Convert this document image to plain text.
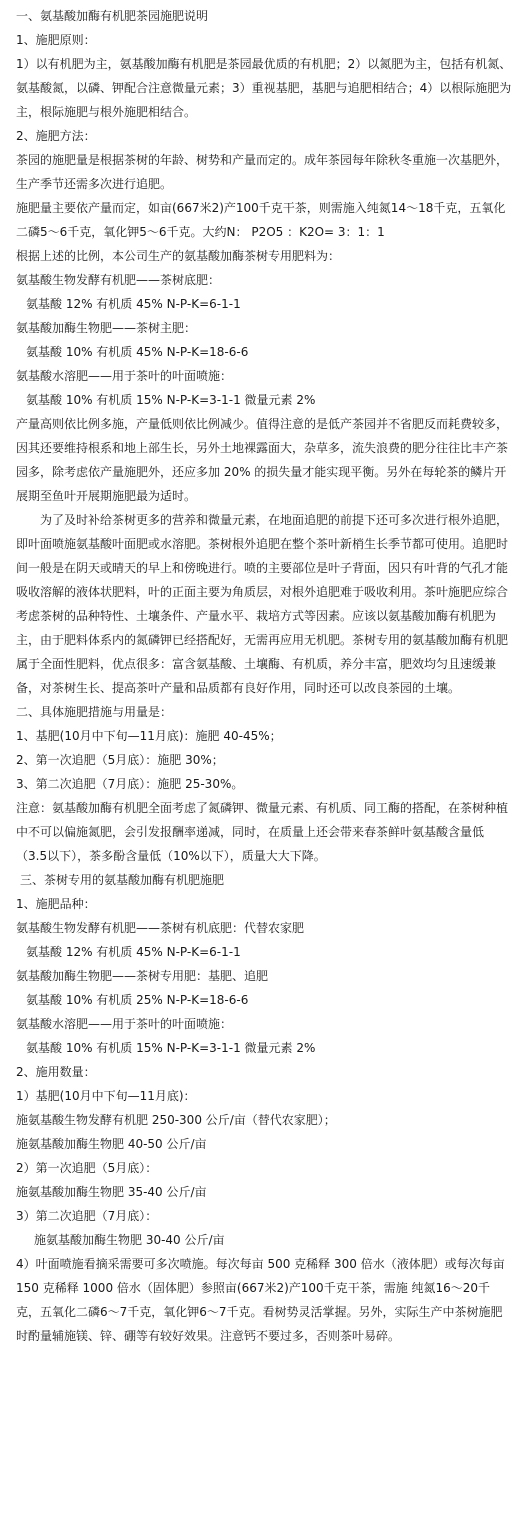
一、氨基酸加酶有机肥茶园施肥说明

1、施肥原则：

1）以有机肥为主，氨基酸加酶有机肥是茶园最优质的有机肥；2）以氮肥为主，包括有机氮、氨基酸氮，以磷、钾配合注意微量元素；3）重视基肥，基肥与追肥相结合；4）以根际施肥为主，根际施肥与根外施肥相结合。

2、施肥方法：

茶园的施肥量是根据茶树的年龄、树势和产量而定的。成年茶园每年除秋冬重施一次基肥外，生产季节还需多次进行追肥。

施肥量主要依产量而定，如亩(667米2)产100千克干茶，则需施入纯氮14～18千克，五氧化二磷5～6千克，氧化钾5～6千克。大约N： P2O5 ：K2O= 3：1：1

根据上述的比例，本公司生产的氨基酸加酶茶树专用肥料为：

氨基酸生物发酵有机肥——茶树底肥：

氨基酸 12% 有机质 45% N-P-K=6-1-1

氨基酸加酶生物肥——茶树主肥：

氨基酸 10% 有机质 45% N-P-K=18-6-6

氨基酸水溶肥——用于茶叶的叶面喷施：

氨基酸 10% 有机质 15% N-P-K=3-1-1 微量元素 2%

产量高则依比例多施，产量低则依比例减少。值得注意的是低产茶园并不省肥反而耗费较多，因其还要维持根系和地上部生长，另外土地裸露面大，杂草多，流失浪费的肥分往往比丰产茶园多，除考虑依产量施肥外，还应多加 20% 的损失量才能实现平衡。另外在每轮茶的鳞片开展期至鱼叶开展期施肥最为适时。

为了及时补给茶树更多的营养和微量元素，在地面追肥的前提下还可多次进行根外追肥，即叶面喷施氨基酸叶面肥或水溶肥。茶树根外追肥在整个茶叶新梢生长季节都可使用。追肥时间一般是在阴天或晴天的早上和傍晚进行。喷的主要部位是叶子背面，因只有叶背的气孔才能吸收溶解的液体状肥料，叶的正面主要为角质层，对根外追肥难于吸收利用。茶叶施肥应综合考虑茶树的品种特性、土壤条件、产量水平、栽培方式等因素。应该以氨基酸加酶有机肥为主，由于肥料体系内的氮磷钾已经搭配好，无需再应用无机肥。茶树专用的氨基酸加酶有机肥属于全面性肥料，优点很多：富含氨基酸、土壤酶、有机质，养分丰富，肥效均匀且速缓兼备，对茶树生长、提高茶叶产量和品质都有良好作用，同时还可以改良茶园的土壤。

二、具体施肥措施与用量是：

1、基肥(10月中下旬—11月底)：施肥 40-45%；

2、第一次追肥（5月底）：施肥 30%；

3、第二次追肥（7月底）：施肥 25-30%。

注意：氨基酸加酶有机肥全面考虑了氮磷钾、微量元素、有机质、同工酶的搭配，在茶树种植中不可以偏施氮肥，会引发报酬率递减，同时，在质量上还会带来春茶鲜叶氨基酸含量低（3.5以下），茶多酚含量低（10%以下），质量大大下降。

三、茶树专用的氨基酸加酶有机肥施肥

1、施肥品种：

氨基酸生物发酵有机肥——茶树有机底肥：代替农家肥

氨基酸 12% 有机质 45% N-P-K=6-1-1

氨基酸加酶生物肥——茶树专用肥：基肥、追肥

氨基酸 10% 有机质 25% N-P-K=18-6-6

氨基酸水溶肥——用于茶叶的叶面喷施：

氨基酸 10% 有机质 15% N-P-K=3-1-1 微量元素 2%

2、施用数量：

1）基肥(10月中下旬—11月底)：

施氨基酸生物发酵有机肥 250-300 公斤/亩（替代农家肥）；

施氨基酸加酶生物肥 40-50 公斤/亩

2）第一次追肥（5月底）：

施氨基酸加酶生物肥 35-40 公斤/亩

3）第二次追肥（7月底）：

施氨基酸加酶生物肥 30-40 公斤/亩

4）叶面喷施看摘采需要可多次喷施。每次每亩 500 克稀释 300 倍水（液体肥）或每次每亩 150 克稀释 1000 倍水（固体肥）参照亩(667米2)产100千克干茶，需施 纯氮16～20千克，五氧化二磷6～7千克，氧化钾6～7千克。看树势灵活掌握。另外，实际生产中茶树施肥时酌量辅施镁、锌、硼等有较好效果。注意钙不要过多，否则茶叶易碎。
